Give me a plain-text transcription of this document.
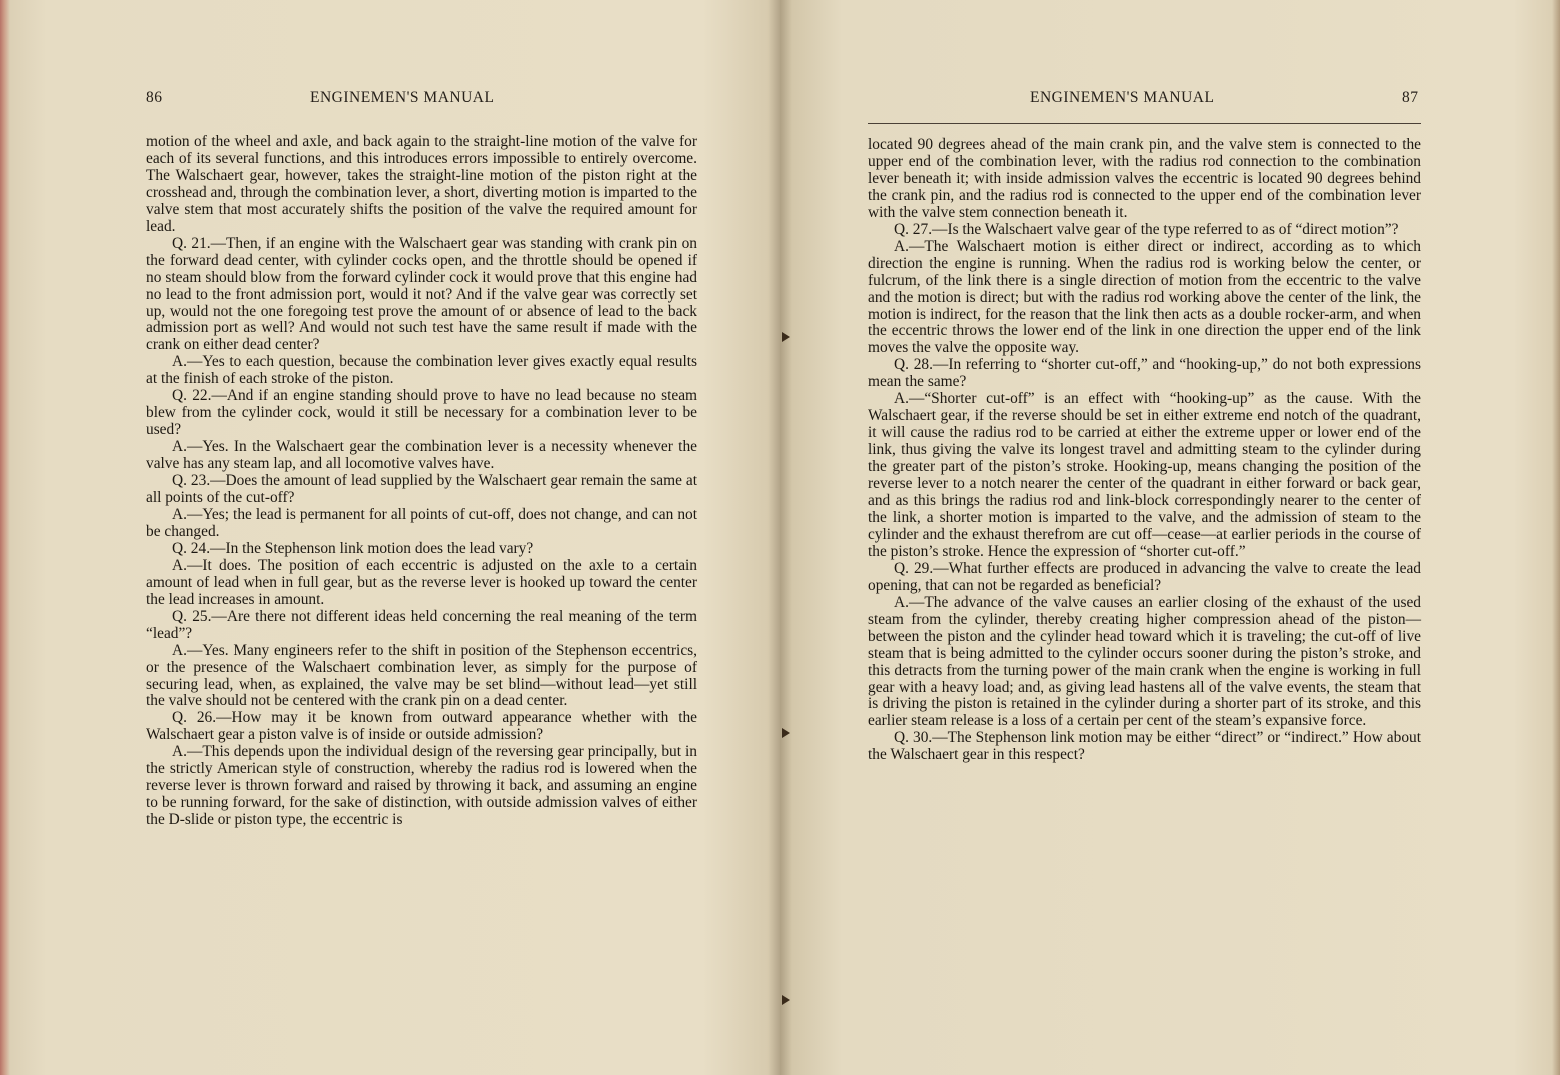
86	ENGINEMEN'S MANUAL

motion of the wheel and axle, and back again to the straight-line motion of the valve for each of its several functions, and this introduces errors impossible to entirely overcome. The Walschaert gear, however, takes the straight-line motion of the piston right at the crosshead and, through the combination lever, a short, diverting motion is imparted to the valve stem that most accurately shifts the position of the valve the required amount for lead.

Q. 21.—Then, if an engine with the Walschaert gear was standing with crank pin on the forward dead center, with cylinder cocks open, and the throttle should be opened if no steam should blow from the forward cylinder cock it would prove that this engine had no lead to the front admission port, would it not? And if the valve gear was correctly set up, would not the one foregoing test prove the amount of or absence of lead to the back admission port as well? And would not such test have the same result if made with the crank on either dead center?

A.—Yes to each question, because the combination lever gives exactly equal results at the finish of each stroke of the piston.

Q. 22.—And if an engine standing should prove to have no lead because no steam blew from the cylinder cock, would it still be necessary for a combination lever to be used?

A.—Yes. In the Walschaert gear the combination lever is a necessity whenever the valve has any steam lap, and all locomotive valves have.

Q. 23.—Does the amount of lead supplied by the Walschaert gear remain the same at all points of the cut-off?

A.—Yes; the lead is permanent for all points of cut-off, does not change, and can not be changed.

Q. 24.—In the Stephenson link motion does the lead vary?

A.—It does. The position of each eccentric is adjusted on the axle to a certain amount of lead when in full gear, but as the reverse lever is hooked up toward the center the lead increases in amount.

Q. 25.—Are there not different ideas held concerning the real meaning of the term “lead”?

A.—Yes. Many engineers refer to the shift in position of the Stephenson eccentrics, or the presence of the Walschaert combination lever, as simply for the purpose of securing lead, when, as explained, the valve may be set blind—without lead—yet still the valve should not be centered with the crank pin on a dead center.

Q. 26.—How may it be known from outward appearance whether with the Walschaert gear a piston valve is of inside or outside admission?

A.—This depends upon the individual design of the reversing gear principally, but in the strictly American style of construction, whereby the radius rod is lowered when the reverse lever is thrown forward and raised by throwing it back, and assuming an engine to be running forward, for the sake of distinction, with outside admission valves of either the D-slide or piston type, the eccentric is

ENGINEMEN'S MANUAL	87

located 90 degrees ahead of the main crank pin, and the valve stem is connected to the upper end of the combination lever, with the radius rod connection to the combination lever beneath it; with inside admission valves the eccentric is located 90 degrees behind the crank pin, and the radius rod is connected to the upper end of the combination lever with the valve stem connection beneath it.

Q. 27.—Is the Walschaert valve gear of the type referred to as of “direct motion”?

A.—The Walschaert motion is either direct or indirect, according as to which direction the engine is running. When the radius rod is working below the center, or fulcrum, of the link there is a single direction of motion from the eccentric to the valve and the motion is direct; but with the radius rod working above the center of the link, the motion is indirect, for the reason that the link then acts as a double rocker-arm, and when the eccentric throws the lower end of the link in one direction the upper end of the link moves the valve the opposite way.

Q. 28.—In referring to “shorter cut-off,” and “hooking-up,” do not both expressions mean the same?

A.—“Shorter cut-off” is an effect with “hooking-up” as the cause. With the Walschaert gear, if the reverse should be set in either extreme end notch of the quadrant, it will cause the radius rod to be carried at either the extreme upper or lower end of the link, thus giving the valve its longest travel and admitting steam to the cylinder during the greater part of the piston’s stroke. Hooking-up, means changing the position of the reverse lever to a notch nearer the center of the quadrant in either forward or back gear, and as this brings the radius rod and link-block correspondingly nearer to the center of the link, a shorter motion is imparted to the valve, and the admission of steam to the cylinder and the exhaust therefrom are cut off—cease—at earlier periods in the course of the piston’s stroke. Hence the expression of “shorter cut-off.”

Q. 29.—What further effects are produced in advancing the valve to create the lead opening, that can not be regarded as beneficial?

A.—The advance of the valve causes an earlier closing of the exhaust of the used steam from the cylinder, thereby creating higher compression ahead of the piston—between the piston and the cylinder head toward which it is traveling; the cut-off of live steam that is being admitted to the cylinder occurs sooner during the piston’s stroke, and this detracts from the turning power of the main crank when the engine is working in full gear with a heavy load; and, as giving lead hastens all of the valve events, the steam that is driving the piston is retained in the cylinder during a shorter part of its stroke, and this earlier steam release is a loss of a certain per cent of the steam’s expansive force.

Q. 30.—The Stephenson link motion may be either “direct” or “indirect.” How about the Walschaert gear in this respect?
